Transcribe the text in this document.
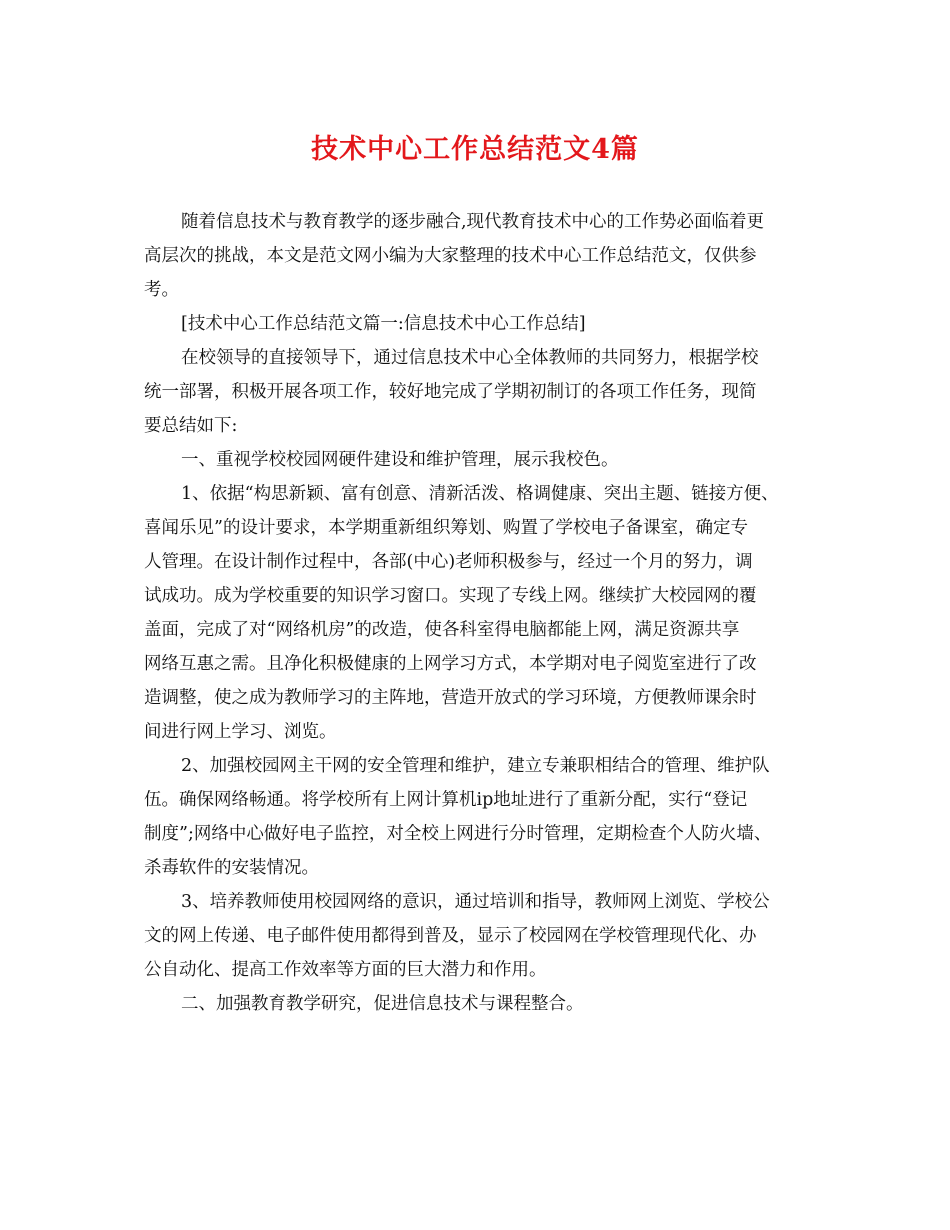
技术中心工作总结范文4篇
随着信息技术与教育教学的逐步融合,现代教育技术中心的工作势必面临着更
高层次的挑战，本文是范文网小编为大家整理的技术中心工作总结范文，仅供参
考。
[技术中心工作总结范文篇一:信息技术中心工作总结]
在校领导的直接领导下，通过信息技术中心全体教师的共同努力，根据学校
统一部署，积极开展各项工作，较好地完成了学期初制订的各项工作任务，现简
要总结如下:
一、重视学校校园网硬件建设和维护管理，展示我校色。
1、依据“构思新颖、富有创意、清新活泼、格调健康、突出主题、链接方便、
喜闻乐见”的设计要求，本学期重新组织筹划、购置了学校电子备课室，确定专
人管理。在设计制作过程中，各部(中心)老师积极参与，经过一个月的努力，调
试成功。成为学校重要的知识学习窗口。实现了专线上网。继续扩大校园网的覆
盖面，完成了对“网络机房”的改造，使各科室得电脑都能上网，满足资源共享
网络互惠之需。且净化积极健康的上网学习方式，本学期对电子阅览室进行了改
造调整，使之成为教师学习的主阵地，营造开放式的学习环境，方便教师课余时
间进行网上学习、浏览。
2、加强校园网主干网的安全管理和维护，建立专兼职相结合的管理、维护队
伍。确保网络畅通。将学校所有上网计算机ip地址进行了重新分配，实行“登记
制度”;网络中心做好电子监控，对全校上网进行分时管理，定期检查个人防火墙、
杀毒软件的安装情况。
3、培养教师使用校园网络的意识，通过培训和指导，教师网上浏览、学校公
文的网上传递、电子邮件使用都得到普及，显示了校园网在学校管理现代化、办
公自动化、提高工作效率等方面的巨大潜力和作用。
二、加强教育教学研究，促进信息技术与课程整合。
